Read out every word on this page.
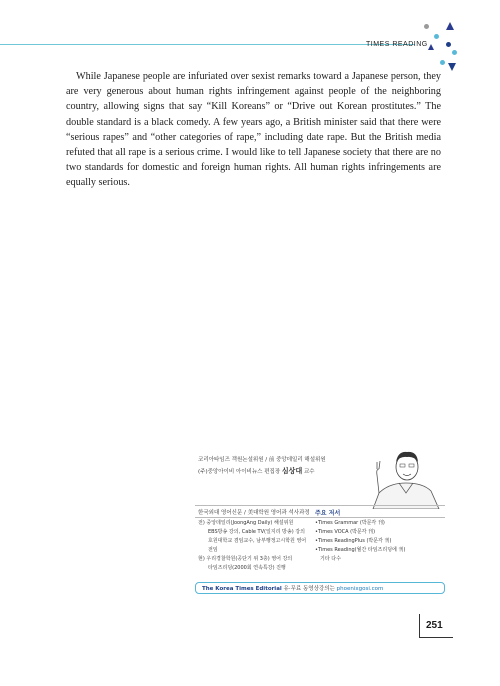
TIMES READING
While Japanese people are infuriated over sexist remarks toward a Japanese person, they are very generous about human rights infringement against people of the neighboring country, allowing signs that say “Kill Koreans” or “Drive out Korean prostitutes.” The double standard is a black comedy. A few years ago, a British minister said that there were “serious rapes” and “other categories of rape,” including date rape. But the British media refuted that all rape is a serious crime. I would like to tell Japanese society that there are no two standards for domestic and foreign human rights. All human rights infringements are equally serious.
코리아타임즈 객원논설위원 / 前 중앙데일리 해설위원
(주)중앙아이비 아이비뉴스 편집장 심상대 교수
한국외대 영어신문 / 美대학원 영어과 석사과정 주요 저서
전) 중앙데일리(JoongAng Daily) 해설위원
EBS방송 강의, Cable TV(일지리 방송) 강의
호원대학교 겸임교수, 남부행정고시학원 영어
전임
현) 우리경찰학원(공단기 위 3층) 영어 강의
타임즈리딩(2000회 연속특강) 진행
•Times Grammar (박문각 刊)
•Times VOCA (박문각 刊)
•Times ReadingPlus (박문각 刊)
•Times Reading(월간 타임즈리딩에 刊)
기타 다수
The Korea Times Editorial 유·무료 동영상강의는 phoenixgosi.com
251
